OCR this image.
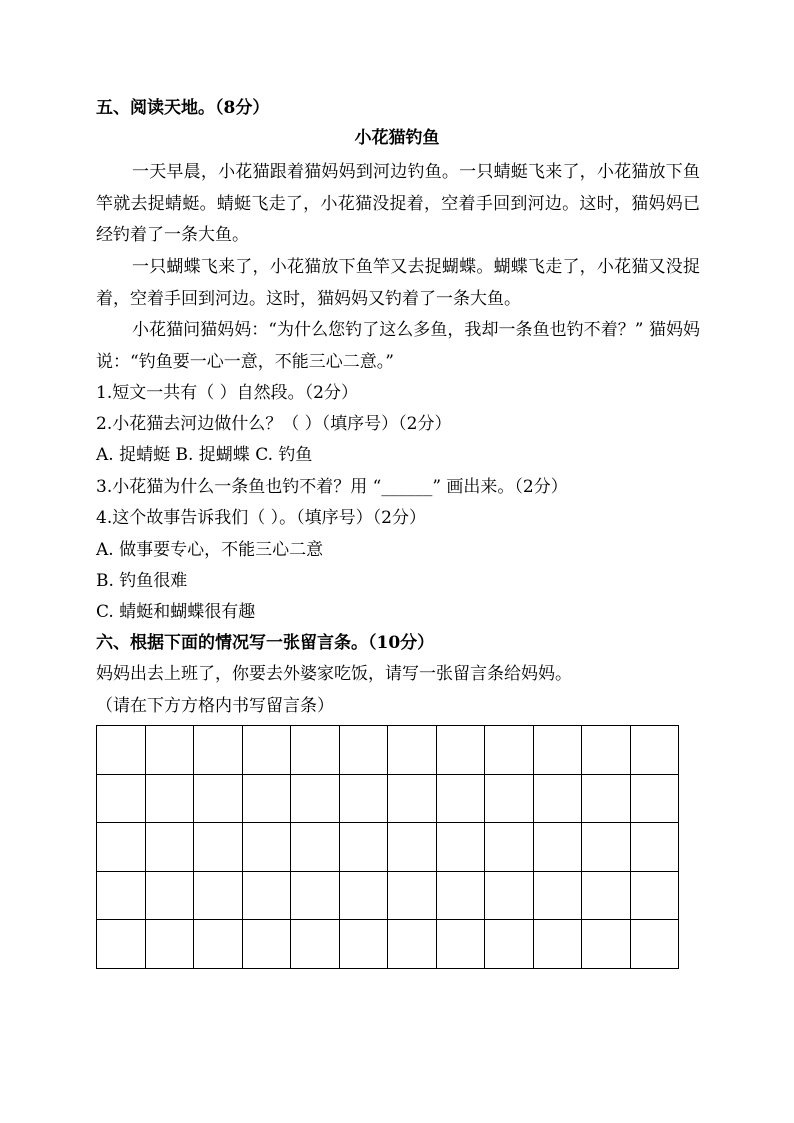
五、阅读天地。（8分）
小花猫钓鱼
一天早晨，小花猫跟着猫妈妈到河边钓鱼。一只蜻蜓飞来了，小花猫放下鱼竿就去捉蜻蜓。蜻蜓飞走了，小花猫没捉着，空着手回到河边。这时，猫妈妈已经钓着了一条大鱼。
一只蝴蝶飞来了，小花猫放下鱼竿又去捉蝴蝶。蝴蝶飞走了，小花猫又没捉着，空着手回到河边。这时，猫妈妈又钓着了一条大鱼。
小花猫问猫妈妈：“为什么您钓了这么多鱼，我却一条鱼也钓不着？” 猫妈妈说：“钓鱼要一心一意，不能三心二意。”
1.短文一共有（ ）自然段。（2分）
2.小花猫去河边做什么？（ ）（填序号）（2分）
A. 捉蜻蜓 B. 捉蝴蝶 C. 钓鱼
3.小花猫为什么一条鱼也钓不着？用 “______” 画出来。（2分）
4.这个故事告诉我们（ ）。（填序号）（2分）
A. 做事要专心，不能三心二意
B. 钓鱼很难
C. 蜻蜓和蝴蝶很有趣
六、根据下面的情况写一张留言条。（10分）
妈妈出去上班了，你要去外婆家吃饭，请写一张留言条给妈妈。
（请在下方方格内书写留言条）
